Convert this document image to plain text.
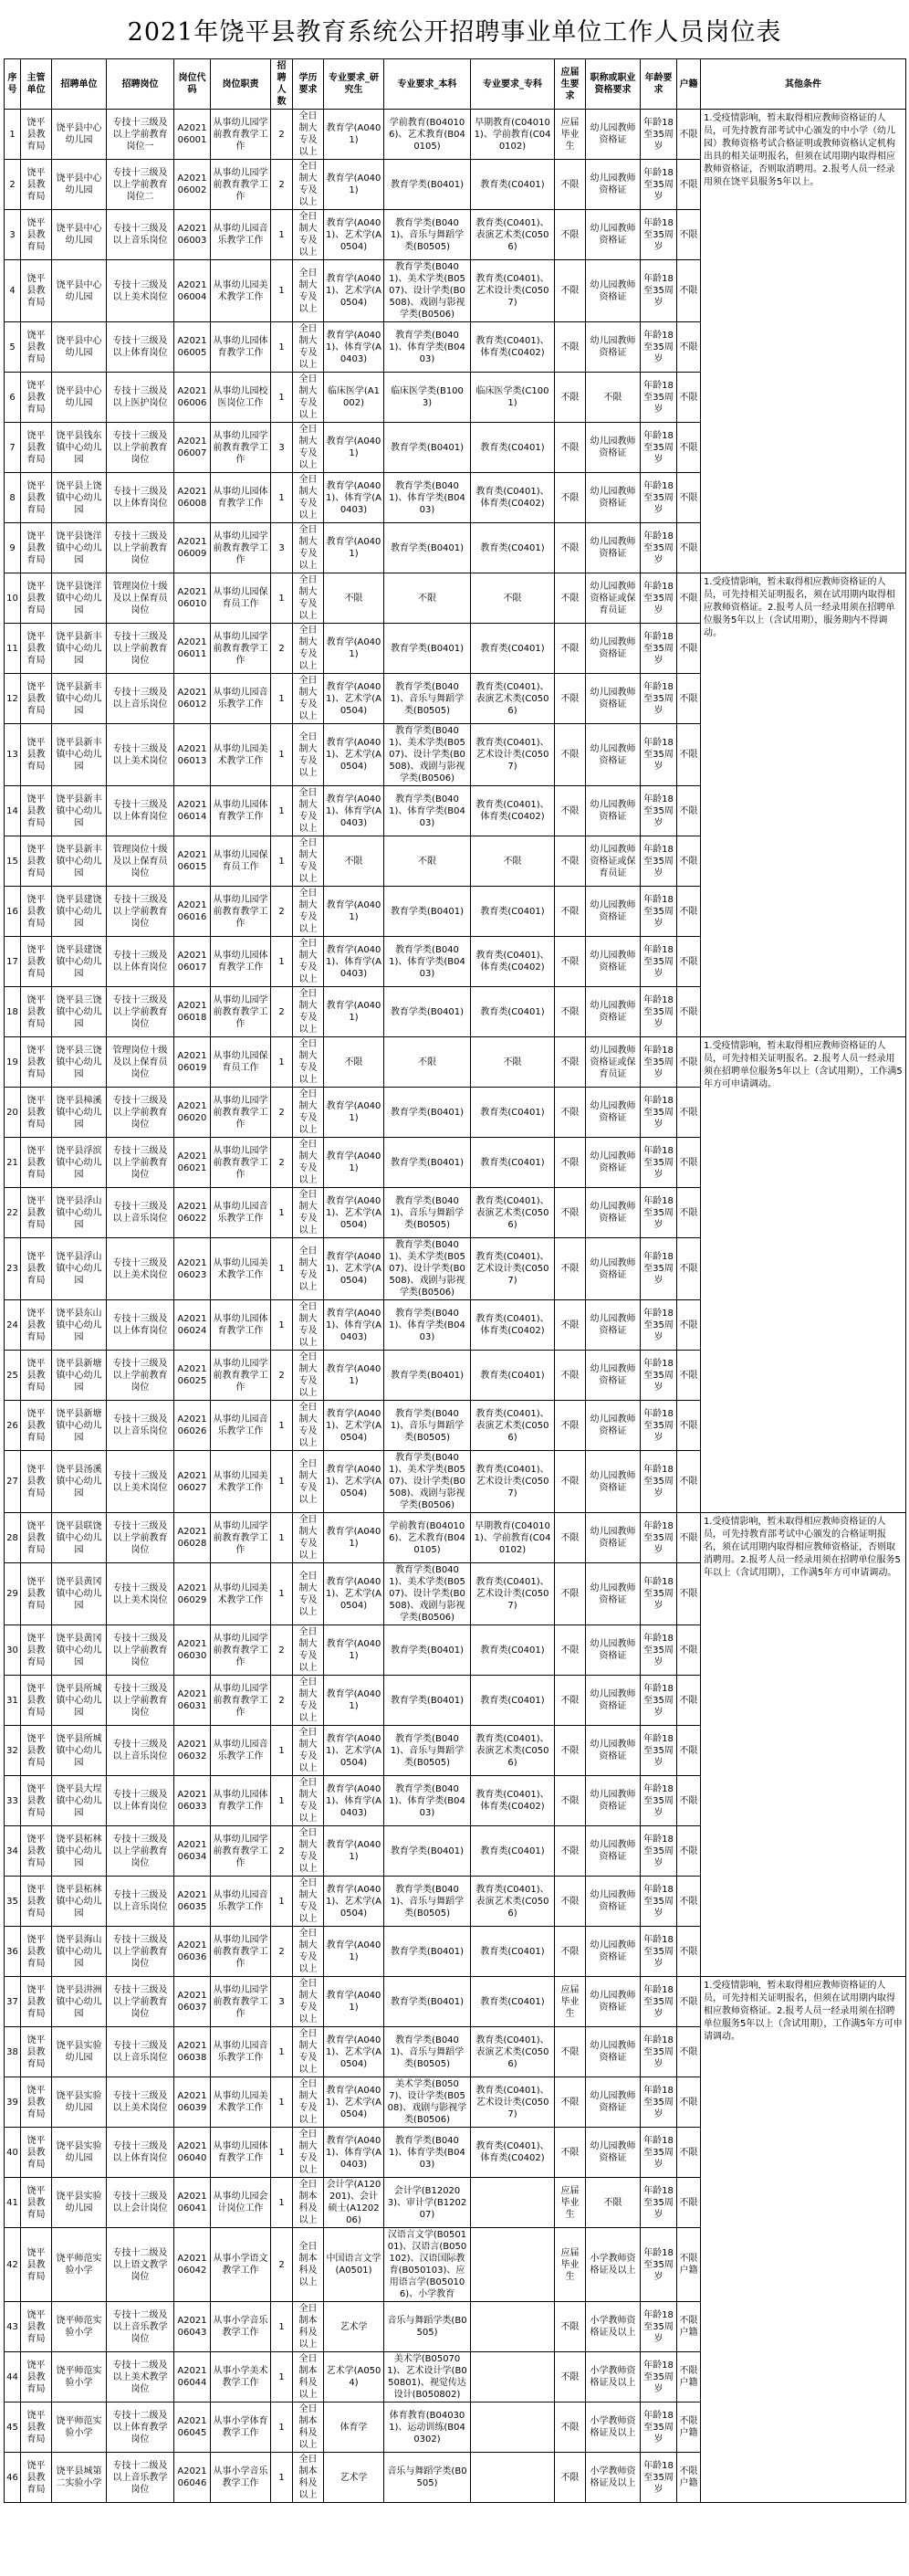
2021年饶平县教育系统公开招聘事业单位工作人员岗位表
序号	主管单位	招聘单位	招聘岗位	岗位代码	岗位职责	招聘人数	学历要求	专业要求_研究生	专业要求_本科	专业要求_专科	应届生要求	职称或职业资格要求	年龄要求	户籍	其他条件
1	饶平县教育局	饶平县中心幼儿园	专技十三级及以上学前教育岗位一	A202106001	从事幼儿园学前教育教学工作	2	全日制大专及以上	教育学(A0401)	学前教育(B040106)、艺术教育(B040105)	早期教育(C040101)、学前教育(C040102)	应届毕业生	幼儿园教师资格证	年龄18至35周岁	不限	1.受疫情影响，暂未取得相应教师资格证的人员，可先持教育部考试中心颁发的中小学（幼儿园）教师资格考试合格证明或教师资格认定机构出具的相关证明报名，但须在试用期内取得相应教师资格证，否则取消聘用。2.报考人员一经录用须在饶平县服务5年以上。
2	饶平县教育局	饶平县中心幼儿园	专技十三级及以上学前教育岗位二	A202106002	从事幼儿园学前教育教学工作	2	全日制大专及以上	教育学(A0401)	教育学类(B0401)	教育类(C0401)	不限	幼儿园教师资格证	年龄18至35周岁	不限	
3	饶平县教育局	饶平县中心幼儿园	专技十三级及以上音乐岗位	A202106003	从事幼儿园音乐教学工作	1	全日制大专及以上	教育学(A0401)、艺术学(A0504)	教育学类(B0401)、音乐与舞蹈学类(B0505)	教育类(C0401)、表演艺术类(C0506)	不限	幼儿园教师资格证	年龄18至35周岁	不限	
4	饶平县教育局	饶平县中心幼儿园	专技十三级及以上美术岗位	A202106004	从事幼儿园美术教学工作	1	全日制大专及以上	教育学(A0401)、艺术学(A0504)	教育学类(B0401)、美术学类(B0507)、设计学类(B0508)、戏剧与影视学类(B0506)	教育类(C0401)、艺术设计类(C0507)	不限	幼儿园教师资格证	年龄18至35周岁	不限	
5	饶平县教育局	饶平县中心幼儿园	专技十三级及以上体育岗位	A202106005	从事幼儿园体育教学工作	1	全日制大专及以上	教育学(A0401)、体育学(A0403)	教育学类(B0401)、体育学类(B0403)	教育类(C0401)、体育类(C0402)	不限	幼儿园教师资格证	年龄18至35周岁	不限	
6	饶平县教育局	饶平县中心幼儿园	专技十三级及以上医护岗位	A202106006	从事幼儿园校医岗位工作	1	全日制大专及以上	临床医学(A1002)	临床医学类(B1003)	临床医学类(C1001)	不限	不限	年龄18至35周岁	不限	
7	饶平县教育局	饶平县钱东镇中心幼儿园	专技十三级及以上学前教育岗位	A202106007	从事幼儿园学前教育教学工作	3	全日制大专及以上	教育学(A0401)	教育学类(B0401)	教育类(C0401)	不限	幼儿园教师资格证	年龄18至35周岁	不限	
8	饶平县教育局	饶平县上饶镇中心幼儿园	专技十三级及以上体育岗位	A202106008	从事幼儿园体育教学工作	1	全日制大专及以上	教育学(A0401)、体育学(A0403)	教育学类(B0401)、体育学类(B0403)	教育类(C0401)、体育类(C0402)	不限	幼儿园教师资格证	年龄18至35周岁	不限	
9	饶平县教育局	饶平县饶洋镇中心幼儿园	专技十三级及以上学前教育岗位	A202106009	从事幼儿园学前教育教学工作	3	全日制大专及以上	教育学(A0401)	教育学类(B0401)	教育类(C0401)	不限	幼儿园教师资格证	年龄18至35周岁	不限	
10	饶平县教育局	饶平县饶洋镇中心幼儿园	管理岗位十级及以上保育员岗位	A202106010	从事幼儿园保育员工作	1	全日制大专及以上	不限	不限	不限	不限	幼儿园教师资格证或保育员证	年龄18至35周岁	不限	1.受疫情影响，暂未取得相应教师资格证的人员，可先持相关证明报名，须在试用期内取得相应教师资格证。2.报考人员一经录用须在招聘单位服务5年以上（含试用期），服务期内不得调动。
11	饶平县教育局	饶平县新丰镇中心幼儿园	专技十三级及以上学前教育岗位	A202106011	从事幼儿园学前教育教学工作	2	全日制大专及以上	教育学(A0401)	教育学类(B0401)	教育类(C0401)	不限	幼儿园教师资格证	年龄18至35周岁	不限	
12	饶平县教育局	饶平县新丰镇中心幼儿园	专技十三级及以上音乐岗位	A202106012	从事幼儿园音乐教学工作	1	全日制大专及以上	教育学(A0401)、艺术学(A0504)	教育学类(B0401)、音乐与舞蹈学类(B0505)	教育类(C0401)、表演艺术类(C0506)	不限	幼儿园教师资格证	年龄18至35周岁	不限	
13	饶平县教育局	饶平县新丰镇中心幼儿园	专技十三级及以上美术岗位	A202106013	从事幼儿园美术教学工作	1	全日制大专及以上	教育学(A0401)、艺术学(A0504)	教育学类(B0401)、美术学类(B0507)、设计学类(B0508)、戏剧与影视学类(B0506)	教育类(C0401)、艺术设计类(C0507)	不限	幼儿园教师资格证	年龄18至35周岁	不限	
14	饶平县教育局	饶平县新丰镇中心幼儿园	专技十三级及以上体育岗位	A202106014	从事幼儿园体育教学工作	1	全日制大专及以上	教育学(A0401)、体育学(A0403)	教育学类(B0401)、体育学类(B0403)	教育类(C0401)、体育类(C0402)	不限	幼儿园教师资格证	年龄18至35周岁	不限	
15	饶平县教育局	饶平县新丰镇中心幼儿园	管理岗位十级及以上保育员岗位	A202106015	从事幼儿园保育员工作	1	全日制大专及以上	不限	不限	不限	不限	幼儿园教师资格证或保育员证	年龄18至35周岁	不限	
16	饶平县教育局	饶平县建饶镇中心幼儿园	专技十三级及以上学前教育岗位	A202106016	从事幼儿园学前教育教学工作	2	全日制大专及以上	教育学(A0401)	教育学类(B0401)	教育类(C0401)	不限	幼儿园教师资格证	年龄18至35周岁	不限	
17	饶平县教育局	饶平县建饶镇中心幼儿园	专技十三级及以上体育岗位	A202106017	从事幼儿园体育教学工作	1	全日制大专及以上	教育学(A0401)、体育学(A0403)	教育学类(B0401)、体育学类(B0403)	教育类(C0401)、体育类(C0402)	不限	幼儿园教师资格证	年龄18至35周岁	不限	
18	饶平县教育局	饶平县三饶镇中心幼儿园	专技十三级及以上学前教育岗位	A202106018	从事幼儿园学前教育教学工作	2	全日制大专及以上	教育学(A0401)	教育学类(B0401)	教育类(C0401)	不限	幼儿园教师资格证	年龄18至35周岁	不限	
19	饶平县教育局	饶平县三饶镇中心幼儿园	管理岗位十级及以上保育员岗位	A202106019	从事幼儿园保育员工作	1	全日制大专及以上	不限	不限	不限	不限	幼儿园教师资格证或保育员证	年龄18至35周岁	不限	1.受疫情影响，暂未取得相应教师资格证的人员，可先持相关证明报名。2.报考人员一经录用须在招聘单位服务5年以上（含试用期），工作满5年方可申请调动。
20	饶平县教育局	饶平县樟溪镇中心幼儿园	专技十三级及以上学前教育岗位	A202106020	从事幼儿园学前教育教学工作	2	全日制大专及以上	教育学(A0401)	教育学类(B0401)	教育类(C0401)	不限	幼儿园教师资格证	年龄18至35周岁	不限	
21	饶平县教育局	饶平县浮滨镇中心幼儿园	专技十三级及以上学前教育岗位	A202106021	从事幼儿园学前教育教学工作	2	全日制大专及以上	教育学(A0401)	教育学类(B0401)	教育类(C0401)	不限	幼儿园教师资格证	年龄18至35周岁	不限	
22	饶平县教育局	饶平县浮山镇中心幼儿园	专技十三级及以上音乐岗位	A202106022	从事幼儿园音乐教学工作	1	全日制大专及以上	教育学(A0401)、艺术学(A0504)	教育学类(B0401)、音乐与舞蹈学类(B0505)	教育类(C0401)、表演艺术类(C0506)	不限	幼儿园教师资格证	年龄18至35周岁	不限	
23	饶平县教育局	饶平县浮山镇中心幼儿园	专技十三级及以上美术岗位	A202106023	从事幼儿园美术教学工作	1	全日制大专及以上	教育学(A0401)、艺术学(A0504)	教育学类(B0401)、美术学类(B0507)、设计学类(B0508)、戏剧与影视学类(B0506)	教育类(C0401)、艺术设计类(C0507)	不限	幼儿园教师资格证	年龄18至35周岁	不限	
24	饶平县教育局	饶平县东山镇中心幼儿园	专技十三级及以上体育岗位	A202106024	从事幼儿园体育教学工作	1	全日制大专及以上	教育学(A0401)、体育学(A0403)	教育学类(B0401)、体育学类(B0403)	教育类(C0401)、体育类(C0402)	不限	幼儿园教师资格证	年龄18至35周岁	不限	
25	饶平县教育局	饶平县新塘镇中心幼儿园	专技十三级及以上学前教育岗位	A202106025	从事幼儿园学前教育教学工作	2	全日制大专及以上	教育学(A0401)	教育学类(B0401)	教育类(C0401)	不限	幼儿园教师资格证	年龄18至35周岁	不限	
26	饶平县教育局	饶平县新塘镇中心幼儿园	专技十三级及以上音乐岗位	A202106026	从事幼儿园音乐教学工作	1	全日制大专及以上	教育学(A0401)、艺术学(A0504)	教育学类(B0401)、音乐与舞蹈学类(B0505)	教育类(C0401)、表演艺术类(C0506)	不限	幼儿园教师资格证	年龄18至35周岁	不限	
27	饶平县教育局	饶平县汤溪镇中心幼儿园	专技十三级及以上美术岗位	A202106027	从事幼儿园美术教学工作	1	全日制大专及以上	教育学(A0401)、艺术学(A0504)	教育学类(B0401)、美术学类(B0507)、设计学类(B0508)、戏剧与影视学类(B0506)	教育类(C0401)、艺术设计类(C0507)	不限	幼儿园教师资格证	年龄18至35周岁	不限	
28	饶平县教育局	饶平县联饶镇中心幼儿园	专技十三级及以上学前教育岗位	A202106028	从事幼儿园学前教育教学工作	1	全日制大专及以上	教育学(A0401)	学前教育(B040106)、艺术教育(B040105)	早期教育(C040101)、学前教育(C040102)	不限	幼儿园教师资格证	年龄18至35周岁	不限	1.受疫情影响，暂未取得相应教师资格证的人员，可先持教育部考试中心颁发的合格证明报名，须在试用期内取得相应教师资格证，否则取消聘用。2.报考人员一经录用须在招聘单位服务5年以上（含试用期），工作满5年方可申请调动。
29	饶平县教育局	饶平县黄冈镇中心幼儿园	专技十三级及以上美术岗位	A202106029	从事幼儿园美术教学工作	1	全日制大专及以上	教育学(A0401)、艺术学(A0504)	教育学类(B0401)、美术学类(B0507)、设计学类(B0508)、戏剧与影视学类(B0506)	教育类(C0401)、艺术设计类(C0507)	不限	幼儿园教师资格证	年龄18至35周岁	不限	
30	饶平县教育局	饶平县黄冈镇中心幼儿园	专技十三级及以上学前教育岗位	A202106030	从事幼儿园学前教育教学工作	2	全日制大专及以上	教育学(A0401)	教育学类(B0401)	教育类(C0401)	不限	幼儿园教师资格证	年龄18至35周岁	不限	
31	饶平县教育局	饶平县所城镇中心幼儿园	专技十三级及以上学前教育岗位	A202106031	从事幼儿园学前教育教学工作	2	全日制大专及以上	教育学(A0401)	教育学类(B0401)	教育类(C0401)	不限	幼儿园教师资格证	年龄18至35周岁	不限	
32	饶平县教育局	饶平县所城镇中心幼儿园	专技十三级及以上音乐岗位	A202106032	从事幼儿园音乐教学工作	1	全日制大专及以上	教育学(A0401)、艺术学(A0504)	教育学类(B0401)、音乐与舞蹈学类(B0505)	教育类(C0401)、表演艺术类(C0506)	不限	幼儿园教师资格证	年龄18至35周岁	不限	
33	饶平县教育局	饶平县大埕镇中心幼儿园	专技十三级及以上体育岗位	A202106033	从事幼儿园体育教学工作	1	全日制大专及以上	教育学(A0401)、体育学(A0403)	教育学类(B0401)、体育学类(B0403)	教育类(C0401)、体育类(C0402)	不限	幼儿园教师资格证	年龄18至35周岁	不限	
34	饶平县教育局	饶平县柘林镇中心幼儿园	专技十三级及以上学前教育岗位	A202106034	从事幼儿园学前教育教学工作	2	全日制大专及以上	教育学(A0401)	教育学类(B0401)	教育类(C0401)	不限	幼儿园教师资格证	年龄18至35周岁	不限	
35	饶平县教育局	饶平县柘林镇中心幼儿园	专技十三级及以上音乐岗位	A202106035	从事幼儿园音乐教学工作	1	全日制大专及以上	教育学(A0401)、艺术学(A0504)	教育学类(B0401)、音乐与舞蹈学类(B0505)	教育类(C0401)、表演艺术类(C0506)	不限	幼儿园教师资格证	年龄18至35周岁	不限	
36	饶平县教育局	饶平县海山镇中心幼儿园	专技十三级及以上学前教育岗位	A202106036	从事幼儿园学前教育教学工作	2	全日制大专及以上	教育学(A0401)	教育学类(B0401)	教育类(C0401)	不限	幼儿园教师资格证	年龄18至35周岁	不限	
37	饶平县教育局	饶平县汫洲镇中心幼儿园	专技十三级及以上学前教育岗位	A202106037	从事幼儿园学前教育教学工作	3	全日制大专及以上	教育学(A0401)	教育学类(B0401)	教育类(C0401)	应届毕业生	幼儿园教师资格证	年龄18至35周岁	不限	1.受疫情影响，暂未取得相应教师资格证的人员，可先持相关证明报名，但须在试用期内取得相应教师资格证。2.报考人员一经录用须在招聘单位服务5年以上（含试用期），工作满5年方可申请调动。
38	饶平县教育局	饶平县实验幼儿园	专技十三级及以上音乐岗位	A202106038	从事幼儿园音乐教学工作	1	全日制大专及以上	教育学(A0401)、艺术学(A0504)	教育学类(B0401)、音乐与舞蹈学类(B0505)	教育类(C0401)、表演艺术类(C0506)	不限	幼儿园教师资格证	年龄18至35周岁	不限	
39	饶平县教育局	饶平县实验幼儿园	专技十三级及以上美术岗位	A202106039	从事幼儿园美术教学工作	1	全日制大专及以上	教育学(A0401)、艺术学(A0504)	美术学类(B0507)、设计学类(B0508)、戏剧与影视学类(B0506)	教育类(C0401)、艺术设计类(C0507)	不限	幼儿园教师资格证	年龄18至35周岁	不限	
40	饶平县教育局	饶平县实验幼儿园	专技十三级及以上体育岗位	A202106040	从事幼儿园体育教学工作	1	全日制大专及以上	教育学(A0401)、体育学(A0403)	教育学类(B0401)、体育学类(B0403)	教育类(C0401)、体育类(C0402)	不限	幼儿园教师资格证	年龄18至35周岁	不限	
41	饶平县教育局	饶平县实验幼儿园	专技十三级及以上会计岗位	A202106041	从事幼儿园会计岗位工作	1	全日制本科及以上	会计学(A120201)、会计硕士(A120206)	会计学(B120203)、审计学(B120207)		应届毕业生	不限	年龄18至35周岁	不限	
42	饶平县教育局	饶平师范实验小学	专技十二级及以上语文教学岗位	A202106042	从事小学语文教学工作	2	全日制本科及以上	中国语言文学(A0501)	汉语言文学(B050101)、汉语言(B050102)、汉语国际教育(B050103)、应用语言学(B050106)、小学教育		应届毕业生	小学教师资格证及以上	年龄18至35周岁	不限户籍	
43	饶平县教育局	饶平师范实验小学	专技十二级及以上音乐教学岗位	A202106043	从事小学音乐教学工作	1	全日制本科及以上	艺术学	音乐与舞蹈学类(B0505)		不限	小学教师资格证及以上	年龄18至35周岁	不限户籍	
44	饶平县教育局	饶平师范实验小学	专技十二级及以上美术教学岗位	A202106044	从事小学美术教学工作	1	全日制本科及以上	艺术学(A0504)	美术学(B050701)、艺术设计学(B050801)、视觉传达设计(B050802)		不限	小学教师资格证及以上	年龄18至35周岁	不限户籍	
45	饶平县教育局	饶平师范实验小学	专技十二级及以上体育教学岗位	A202106045	从事小学体育教学工作	1	全日制本科及以上	体育学	体育教育(B040301)、运动训练(B040302)		不限	小学教师资格证及以上	年龄18至35周岁	不限户籍	
46	饶平县教育局	饶平县城第二实验小学	专技十二级及以上音乐教学岗位	A202106046	从事小学音乐教学工作	1	全日制本科及以上	艺术学	音乐与舞蹈学类(B0505)		不限	小学教师资格证及以上	年龄18至35周岁	不限户籍	
